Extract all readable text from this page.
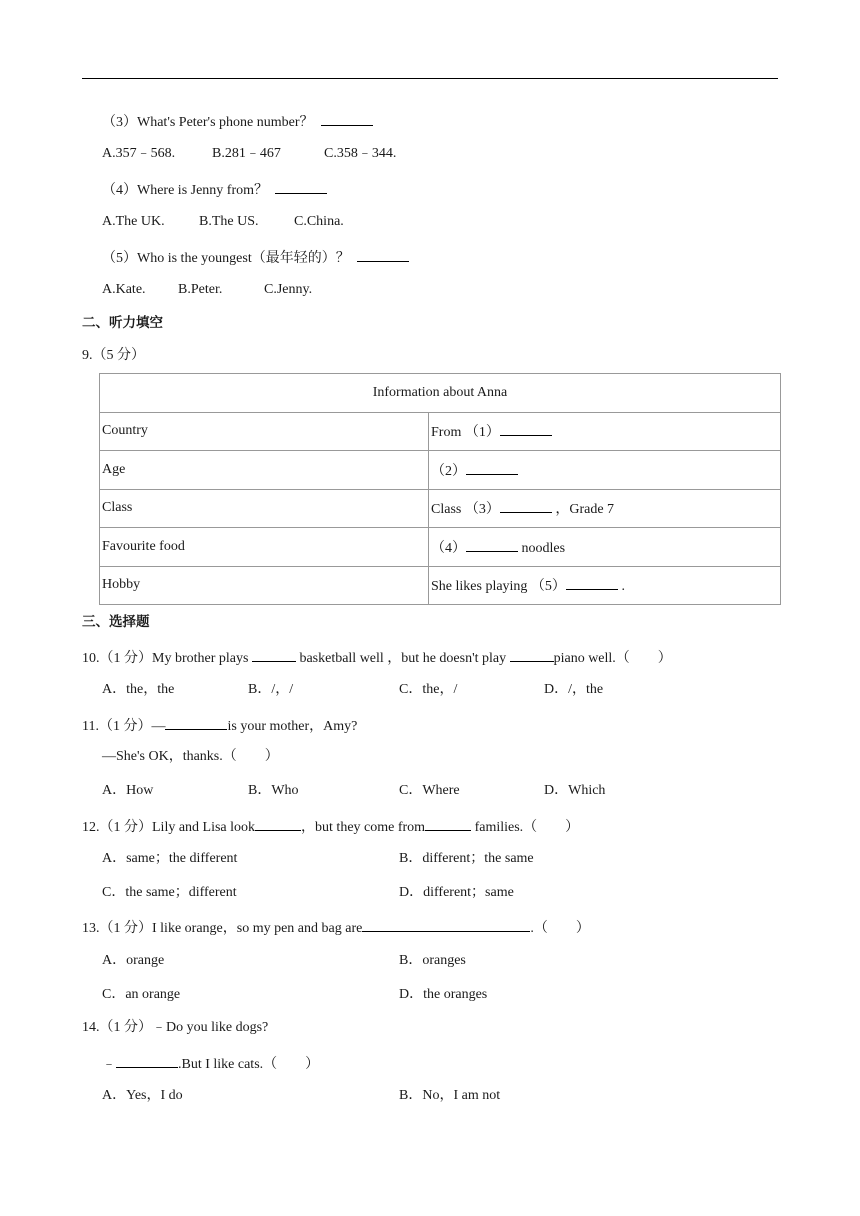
（3）What's Peter's phone number？
A.357﹣568.	B.281﹣467	C.358﹣344.
（4）Where is Jenny from？
A.The UK. B.The US.	C.China.
（5）Who is the youngest（最年轻的）？
A.Kate. B.Peter.	C.Jenny.
二、听力填空
9.（5 分）
Information about Anna	
Country	From （1）
Age	（2）
Class	Class （3） ，Grade 7
Favourite food	（4） noodles
Hobby	She likes playing （5） .
三、选择题
10.（1 分）My brother plays	basketball well ，but he doesn't play	piano well.（　　）
A．the，the	B．/，/	C．the，/	D．/，the
11.（1 分）—	is your mother，Amy?
—She's OK，thanks.（　　）
A．How	B．Who	C．Where	D．Which
12.（1 分）Lily and Lisa look	，but they come from	families.（　　）
A．same；the different	B．different；the same
C．the same；different	D．different；same
13.（1 分）I like orange，so my pen and bag are	.（　　）
A．orange	B．oranges
C．an orange	D．the oranges
14.（1 分）﹣Do you like dogs?
﹣	.But I like cats.（　　）
A．Yes，I do	B．No，I am not
